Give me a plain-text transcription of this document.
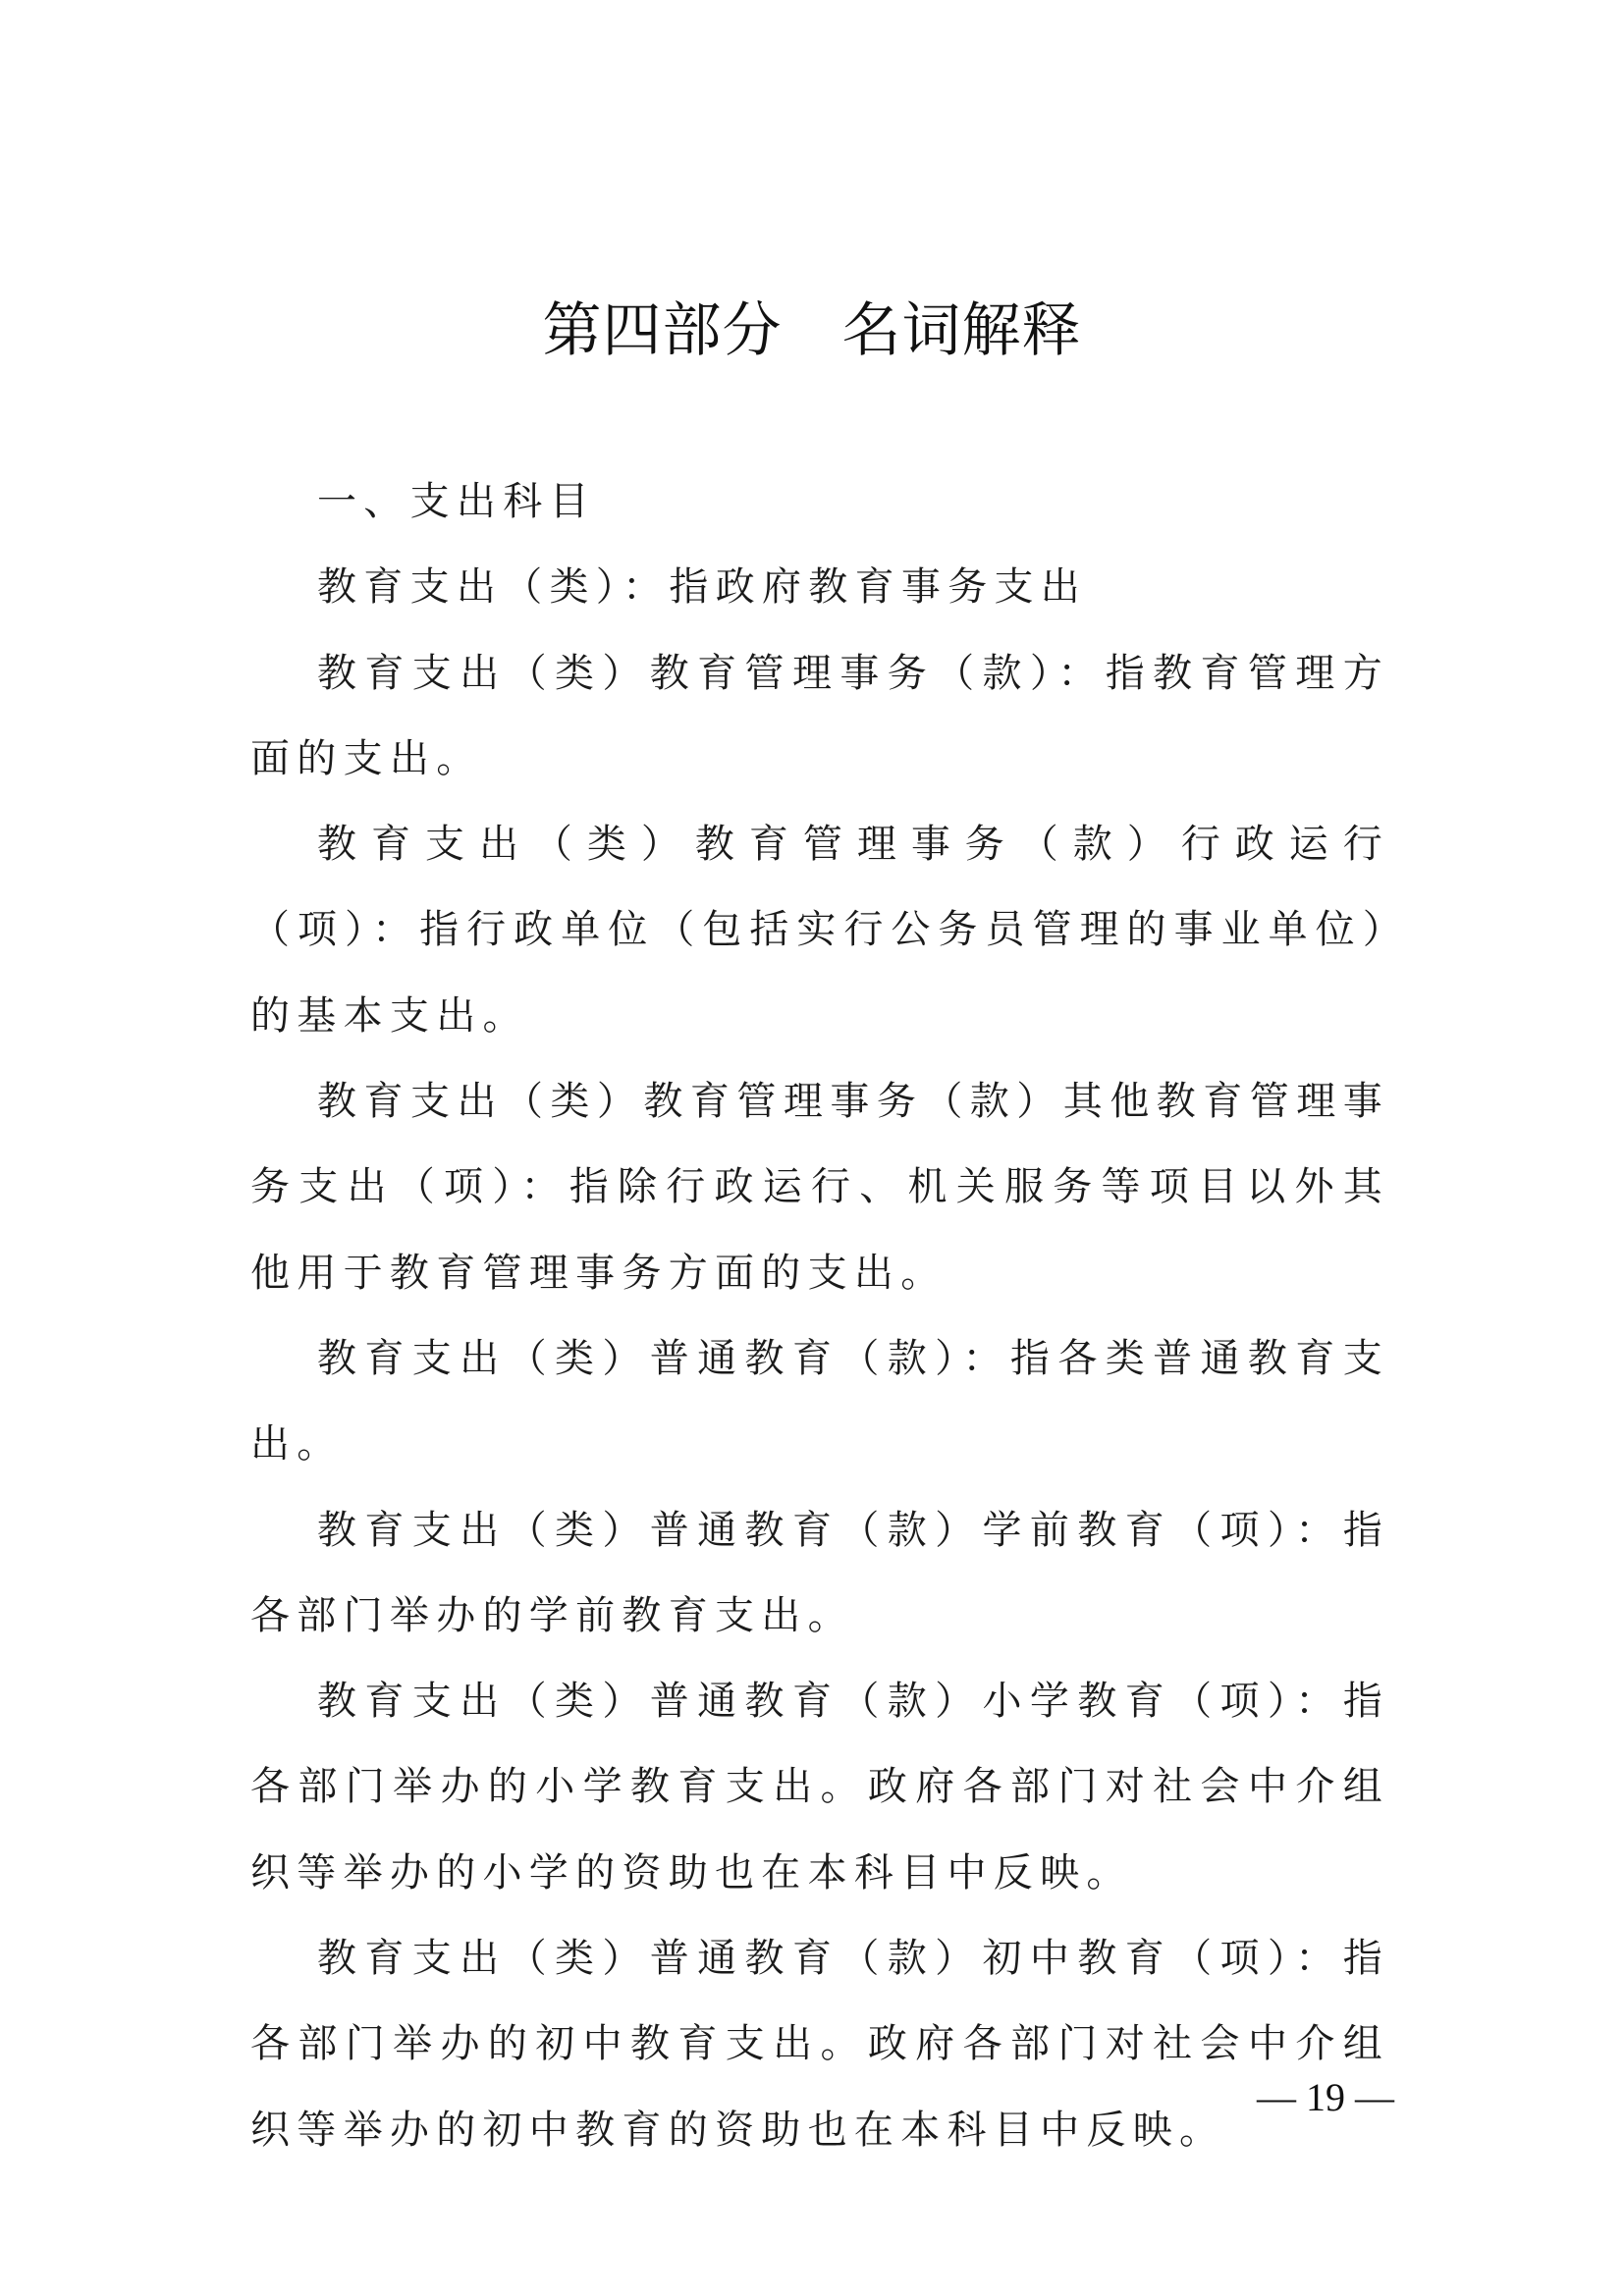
第四部分　名词解释

一、支出科目

教育支出（类）：指政府教育事务支出

教育支出（类）教育管理事务（款）：指教育管理方面的支出。

教育支出（类）教育管理事务（款）行政运行（项）：指行政单位（包括实行公务员管理的事业单位）的基本支出。

教育支出（类）教育管理事务（款）其他教育管理事务支出（项）：指除行政运行、机关服务等项目以外其他用于教育管理事务方面的支出。

教育支出（类）普通教育（款）：指各类普通教育支出。

教育支出（类）普通教育（款）学前教育（项）：指各部门举办的学前教育支出。

教育支出（类）普通教育（款）小学教育（项）：指各部门举办的小学教育支出。政府各部门对社会中介组织等举办的小学的资助也在本科目中反映。

教育支出（类）普通教育（款）初中教育（项）：指各部门举办的初中教育支出。政府各部门对社会中介组织等举办的初中教育的资助也在本科目中反映。

— 19 —
